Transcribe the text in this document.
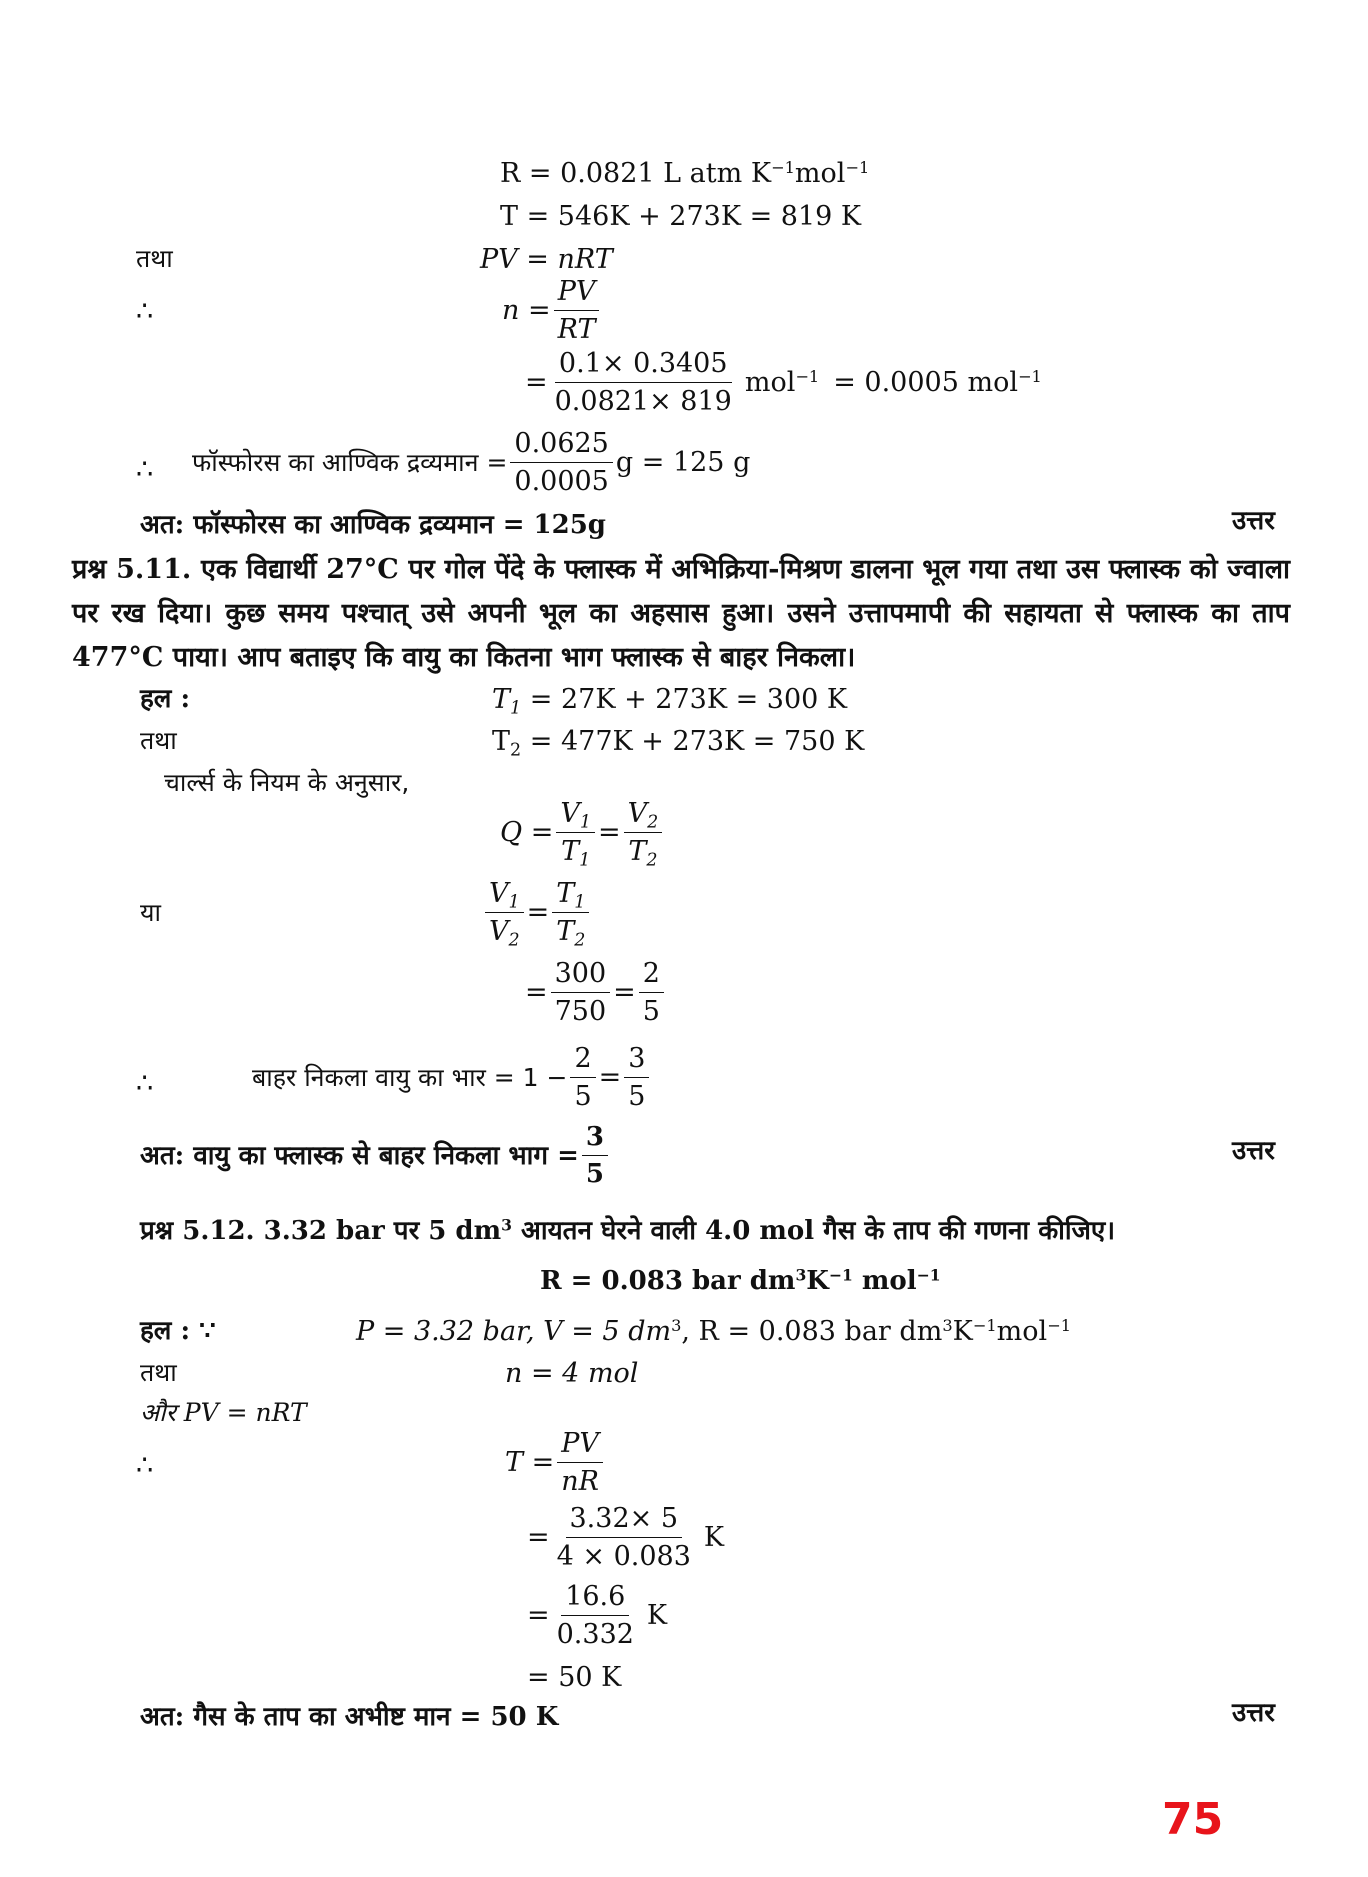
R = 0.0821 L atm $K^{-1}mol^{-1}$
T = 546K + 273K = 819 K
तथा	PV = nRT
∴	$n = \frac{PV}{RT}$
= $\frac{0.1\times 0.3405}{0.0821\times 819} mol^{-1} = 0.0005$ mol$^{-1}$
∴ फॉस्फोरस का आण्विक द्रव्यमान = $\frac{0.0625}{0.0005}$ g = 125 g
अत: फॉस्फोरस का आण्विक द्रव्यमान = 125g	उत्तर
प्रश्न 5.11. एक विद्यार्थी 27°C पर गोल पेंदे के फ्लास्क में अभिक्रिया-मिश्रण डालना भूल गया तथा उस फ्लास्क को ज्वाला पर रख दिया। कुछ समय पश्चात् उसे अपनी भूल का अहसास हुआ। उसने उत्तापमापी की सहायता से फ्लास्क का ताप 477°C पाया। आप बताइए कि वायु का कितना भाग फ्लास्क से बाहर निकला।
हल :	$T_1 = 27K + 273K = 300$ K
तथा	$T_2 = 477K + 273K = 750$ K
चार्ल्स के नियम के अनुसार,
$Q = \frac{V_1}{T_1} = \frac{V_2}{T_2}$
या	$\frac{V_1}{V_2} = \frac{T_1}{T_2}$
= $\frac{300}{750} = \frac{2}{5}$
∴	बाहर निकला वायु का भार = $1 - \frac{2}{5} = \frac{3}{5}$
अत: वायु का फ्लास्क से बाहर निकला भाग = $\frac{3}{5}$	उत्तर
प्रश्न 5.12. 3.32 bar पर 5 $dm^3$ आयतन घेरने वाली 4.0 mol गैस के ताप की गणना कीजिए।
R = 0.083 bar $dm^3K^{-1}$ mol$^{-1}$
हल : ∵	P = 3.32 bar, V = 5 $dm^3$, R = 0.083 bar $dm^3K^{-1}mol^{-1}$
तथा	n = 4 mol
और PV = nRT
∴	$T = \frac{PV}{nR}$
= $\frac{3.32\times 5}{4 \times 0.083}$ K
= $\frac{16.6}{0.332}$ K
= 50 K
अत: गैस के ताप का अभीष्ट मान = 50 K	उत्तर
75
